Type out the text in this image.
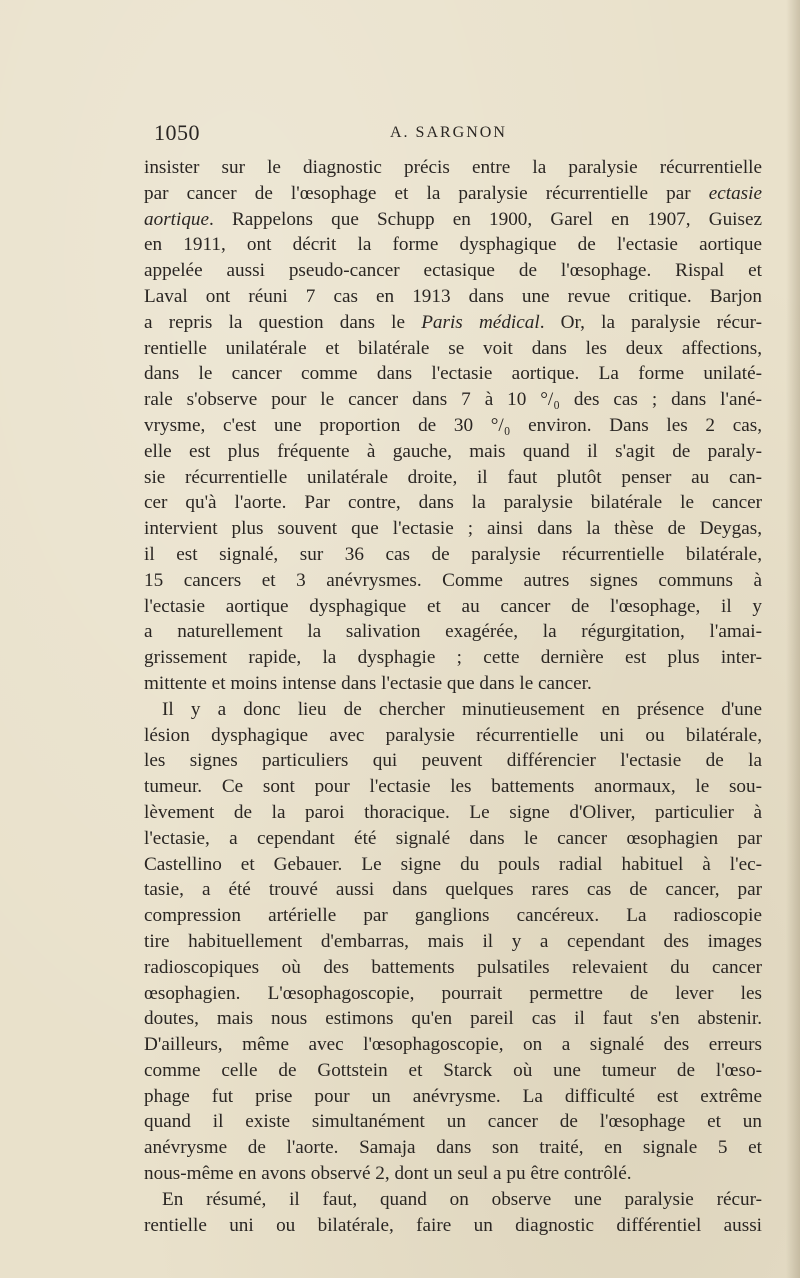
1050	A. SARGNON
insister sur le diagnostic précis entre la paralysie récurrentielle
par cancer de l'œsophage et la paralysie récurrentielle par ectasie
aortique. Rappelons que Schupp en 1900, Garel en 1907, Guisez
en 1911, ont décrit la forme dysphagique de l'ectasie aortique
appelée aussi pseudo-cancer ectasique de l'œsophage. Rispal et
Laval ont réuni 7 cas en 1913 dans une revue critique. Barjon
a repris la question dans le Paris médical. Or, la paralysie récur-
rentielle unilatérale et bilatérale se voit dans les deux affections,
dans le cancer comme dans l'ectasie aortique. La forme unilaté-
rale s'observe pour le cancer dans 7 à 10 °/₀ des cas ; dans l'ané-
vrysme, c'est une proportion de 30 °/₀ environ. Dans les 2 cas,
elle est plus fréquente à gauche, mais quand il s'agit de paraly-
sie récurrentielle unilatérale droite, il faut plutôt penser au can-
cer qu'à l'aorte. Par contre, dans la paralysie bilatérale le cancer
intervient plus souvent que l'ectasie ; ainsi dans la thèse de Deygas,
il est signalé, sur 36 cas de paralysie récurrentielle bilatérale,
15 cancers et 3 anévrysmes. Comme autres signes communs à
l'ectasie aortique dysphagique et au cancer de l'œsophage, il y
a naturellement la salivation exagérée, la régurgitation, l'amai-
grissement rapide, la dysphagie ; cette dernière est plus inter-
mittente et moins intense dans l'ectasie que dans le cancer.
Il y a donc lieu de chercher minutieusement en présence d'une
lésion dysphagique avec paralysie récurrentielle uni ou bilatérale,
les signes particuliers qui peuvent différencier l'ectasie de la
tumeur. Ce sont pour l'ectasie les battements anormaux, le sou-
lèvement de la paroi thoracique. Le signe d'Oliver, particulier à
l'ectasie, a cependant été signalé dans le cancer œsophagien par
Castellino et Gebauer. Le signe du pouls radial habituel à l'ec-
tasie, a été trouvé aussi dans quelques rares cas de cancer, par
compression artérielle par ganglions cancéreux. La radioscopie
tire habituellement d'embarras, mais il y a cependant des images
radioscopiques où des battements pulsatiles relevaient du cancer
œsophagien. L'œsophagoscopie, pourrait permettre de lever les
doutes, mais nous estimons qu'en pareil cas il faut s'en abstenir.
D'ailleurs, même avec l'œsophagoscopie, on a signalé des erreurs
comme celle de Gottstein et Starck où une tumeur de l'œso-
phage fut prise pour un anévrysme. La difficulté est extrême
quand il existe simultanément un cancer de l'œsophage et un
anévrysme de l'aorte. Samaja dans son traité, en signale 5 et
nous-même en avons observé 2, dont un seul a pu être contrôlé.
En résumé, il faut, quand on observe une paralysie récur-
rentielle uni ou bilatérale, faire un diagnostic différentiel aussi
